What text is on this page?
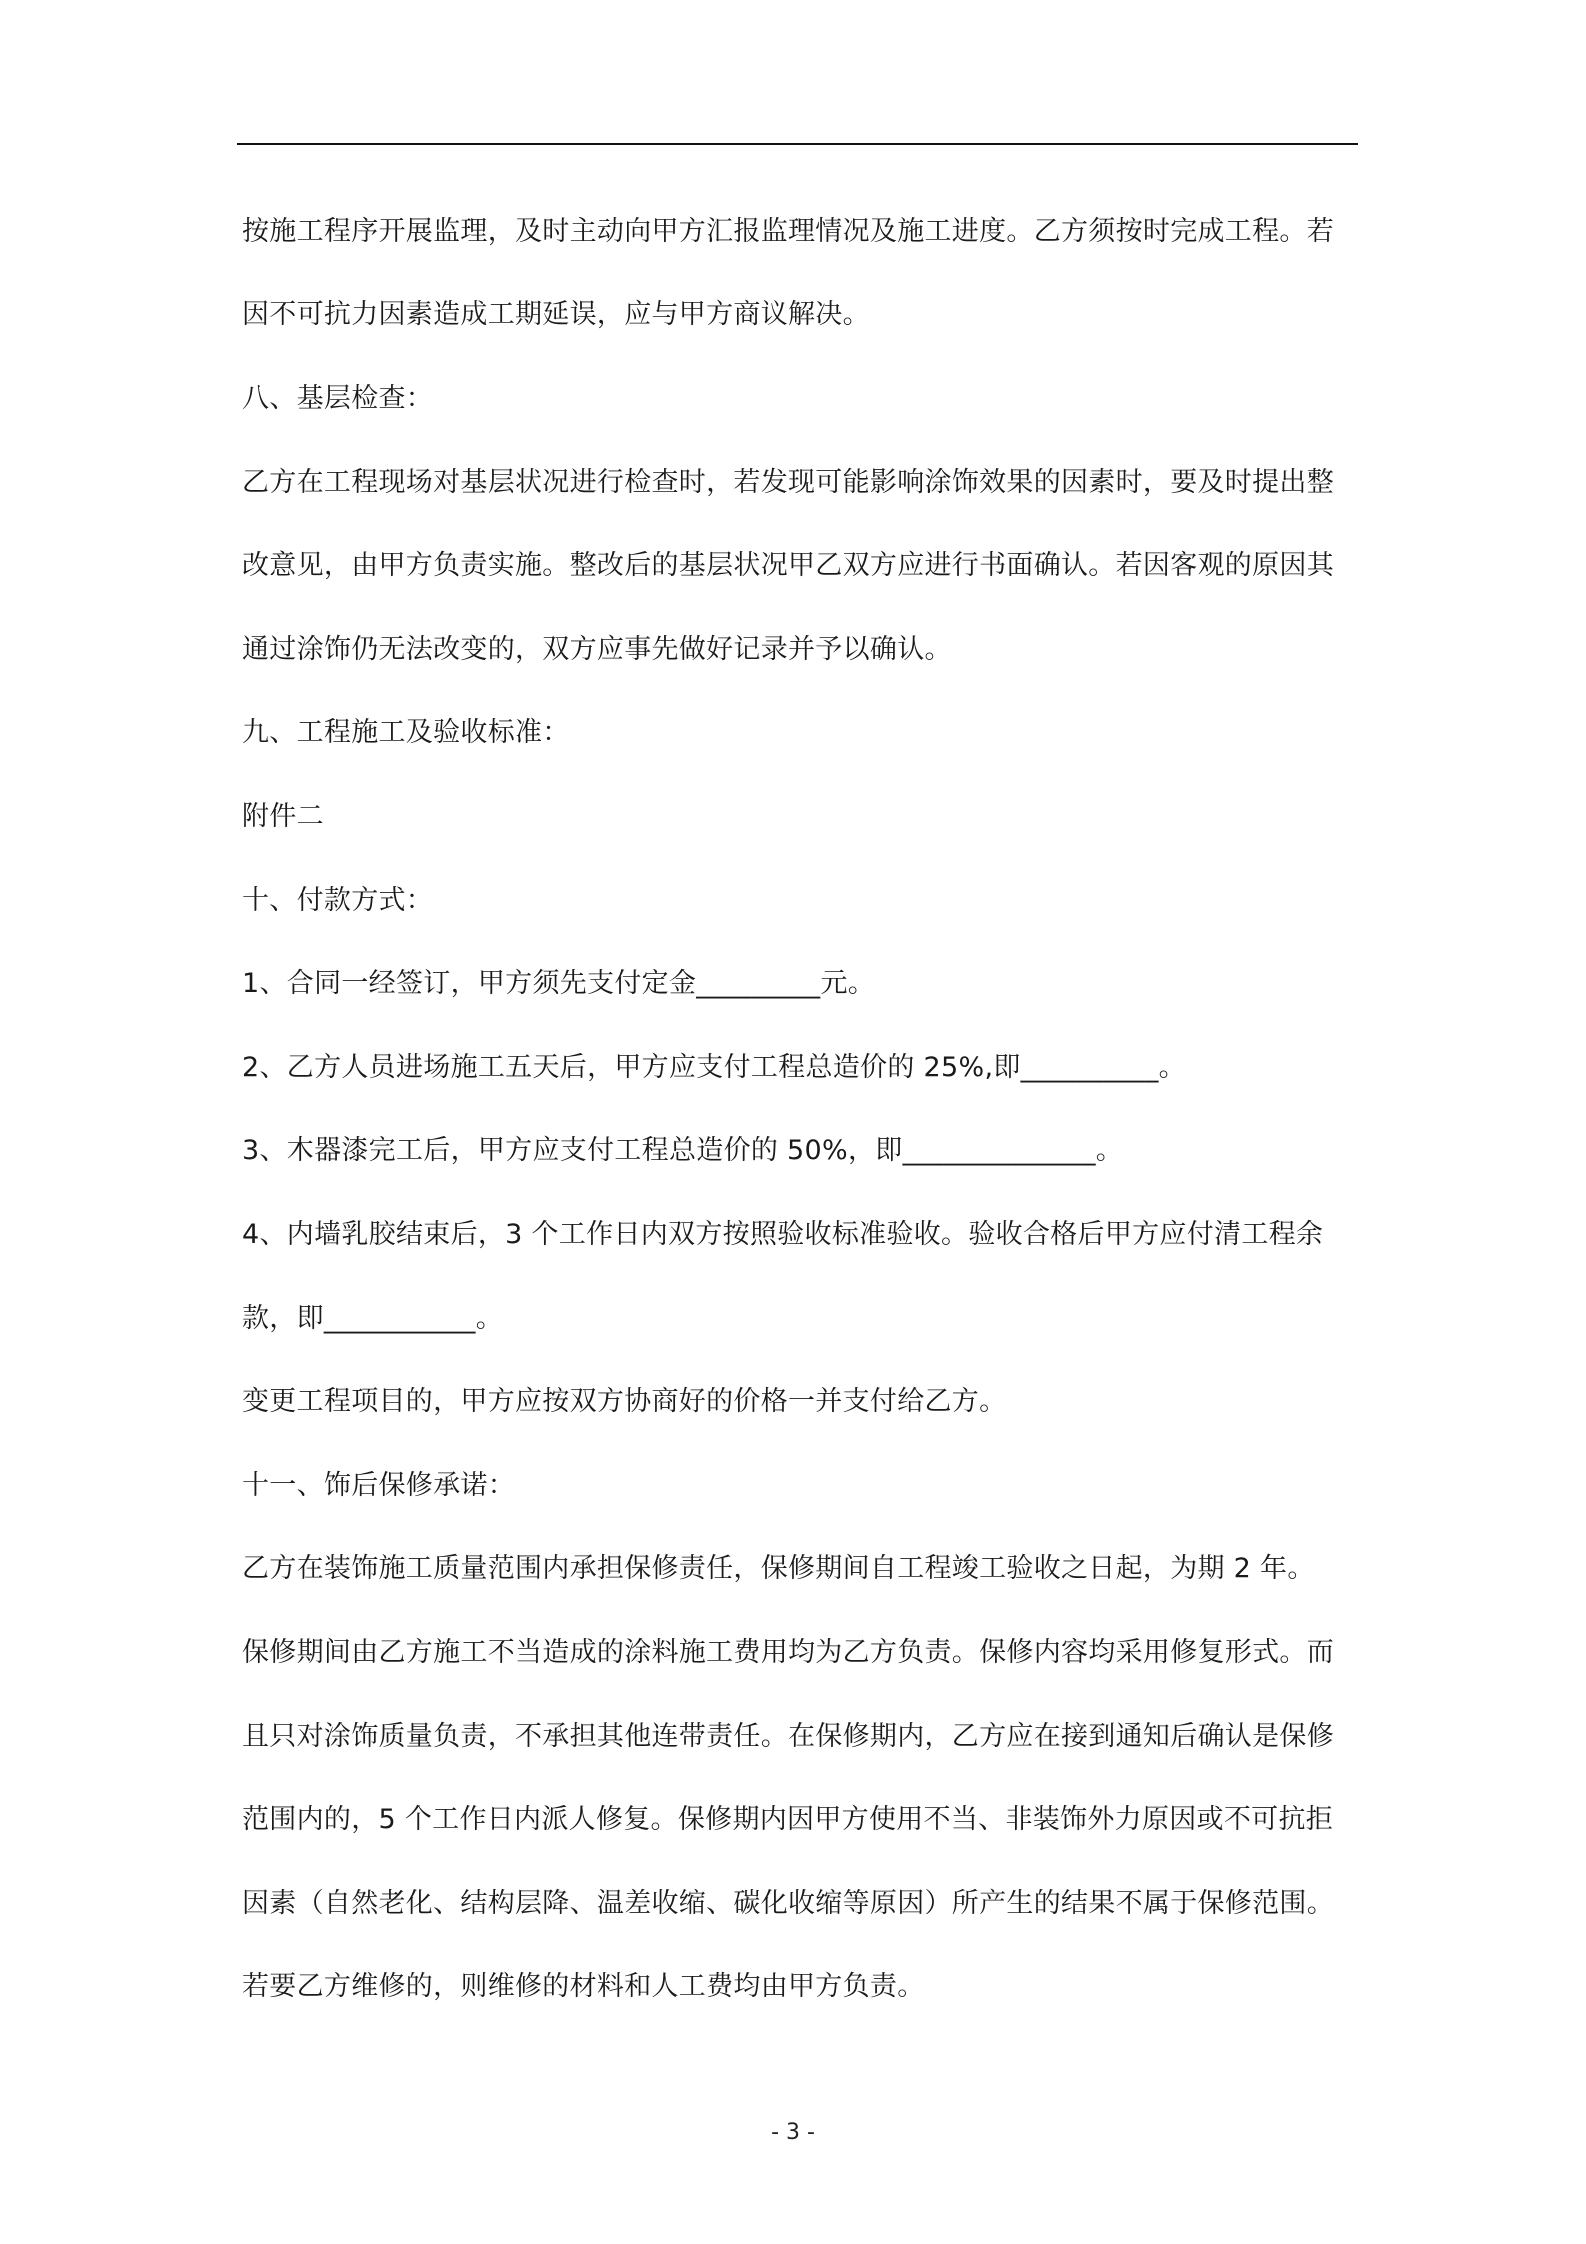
按施工程序开展监理，及时主动向甲方汇报监理情况及施工进度。乙方须按时完成工程。若
因不可抗力因素造成工期延误，应与甲方商议解决。
八、基层检查：
乙方在工程现场对基层状况进行检查时，若发现可能影响涂饰效果的因素时，要及时提出整
改意见，由甲方负责实施。整改后的基层状况甲乙双方应进行书面确认。若因客观的原因其
通过涂饰仍无法改变的，双方应事先做好记录并予以确认。
九、工程施工及验收标准：
附件二
十、付款方式：
1、合同一经签订，甲方须先支付定金_________元。
2、乙方人员进场施工五天后，甲方应支付工程总造价的 25%,即__________。
3、木器漆完工后，甲方应支付工程总造价的 50%，即______________。
4、内墙乳胶结束后，3 个工作日内双方按照验收标准验收。验收合格后甲方应付清工程余
款，即___________。
变更工程项目的，甲方应按双方协商好的价格一并支付给乙方。
十一、饰后保修承诺：
乙方在装饰施工质量范围内承担保修责任，保修期间自工程竣工验收之日起，为期 2 年。
保修期间由乙方施工不当造成的涂料施工费用均为乙方负责。保修内容均采用修复形式。而
且只对涂饰质量负责，不承担其他连带责任。在保修期内，乙方应在接到通知后确认是保修
范围内的，5 个工作日内派人修复。保修期内因甲方使用不当、非装饰外力原因或不可抗拒
因素（自然老化、结构层降、温差收缩、碳化收缩等原因）所产生的结果不属于保修范围。
若要乙方维修的，则维修的材料和人工费均由甲方负责。
- 3 -
